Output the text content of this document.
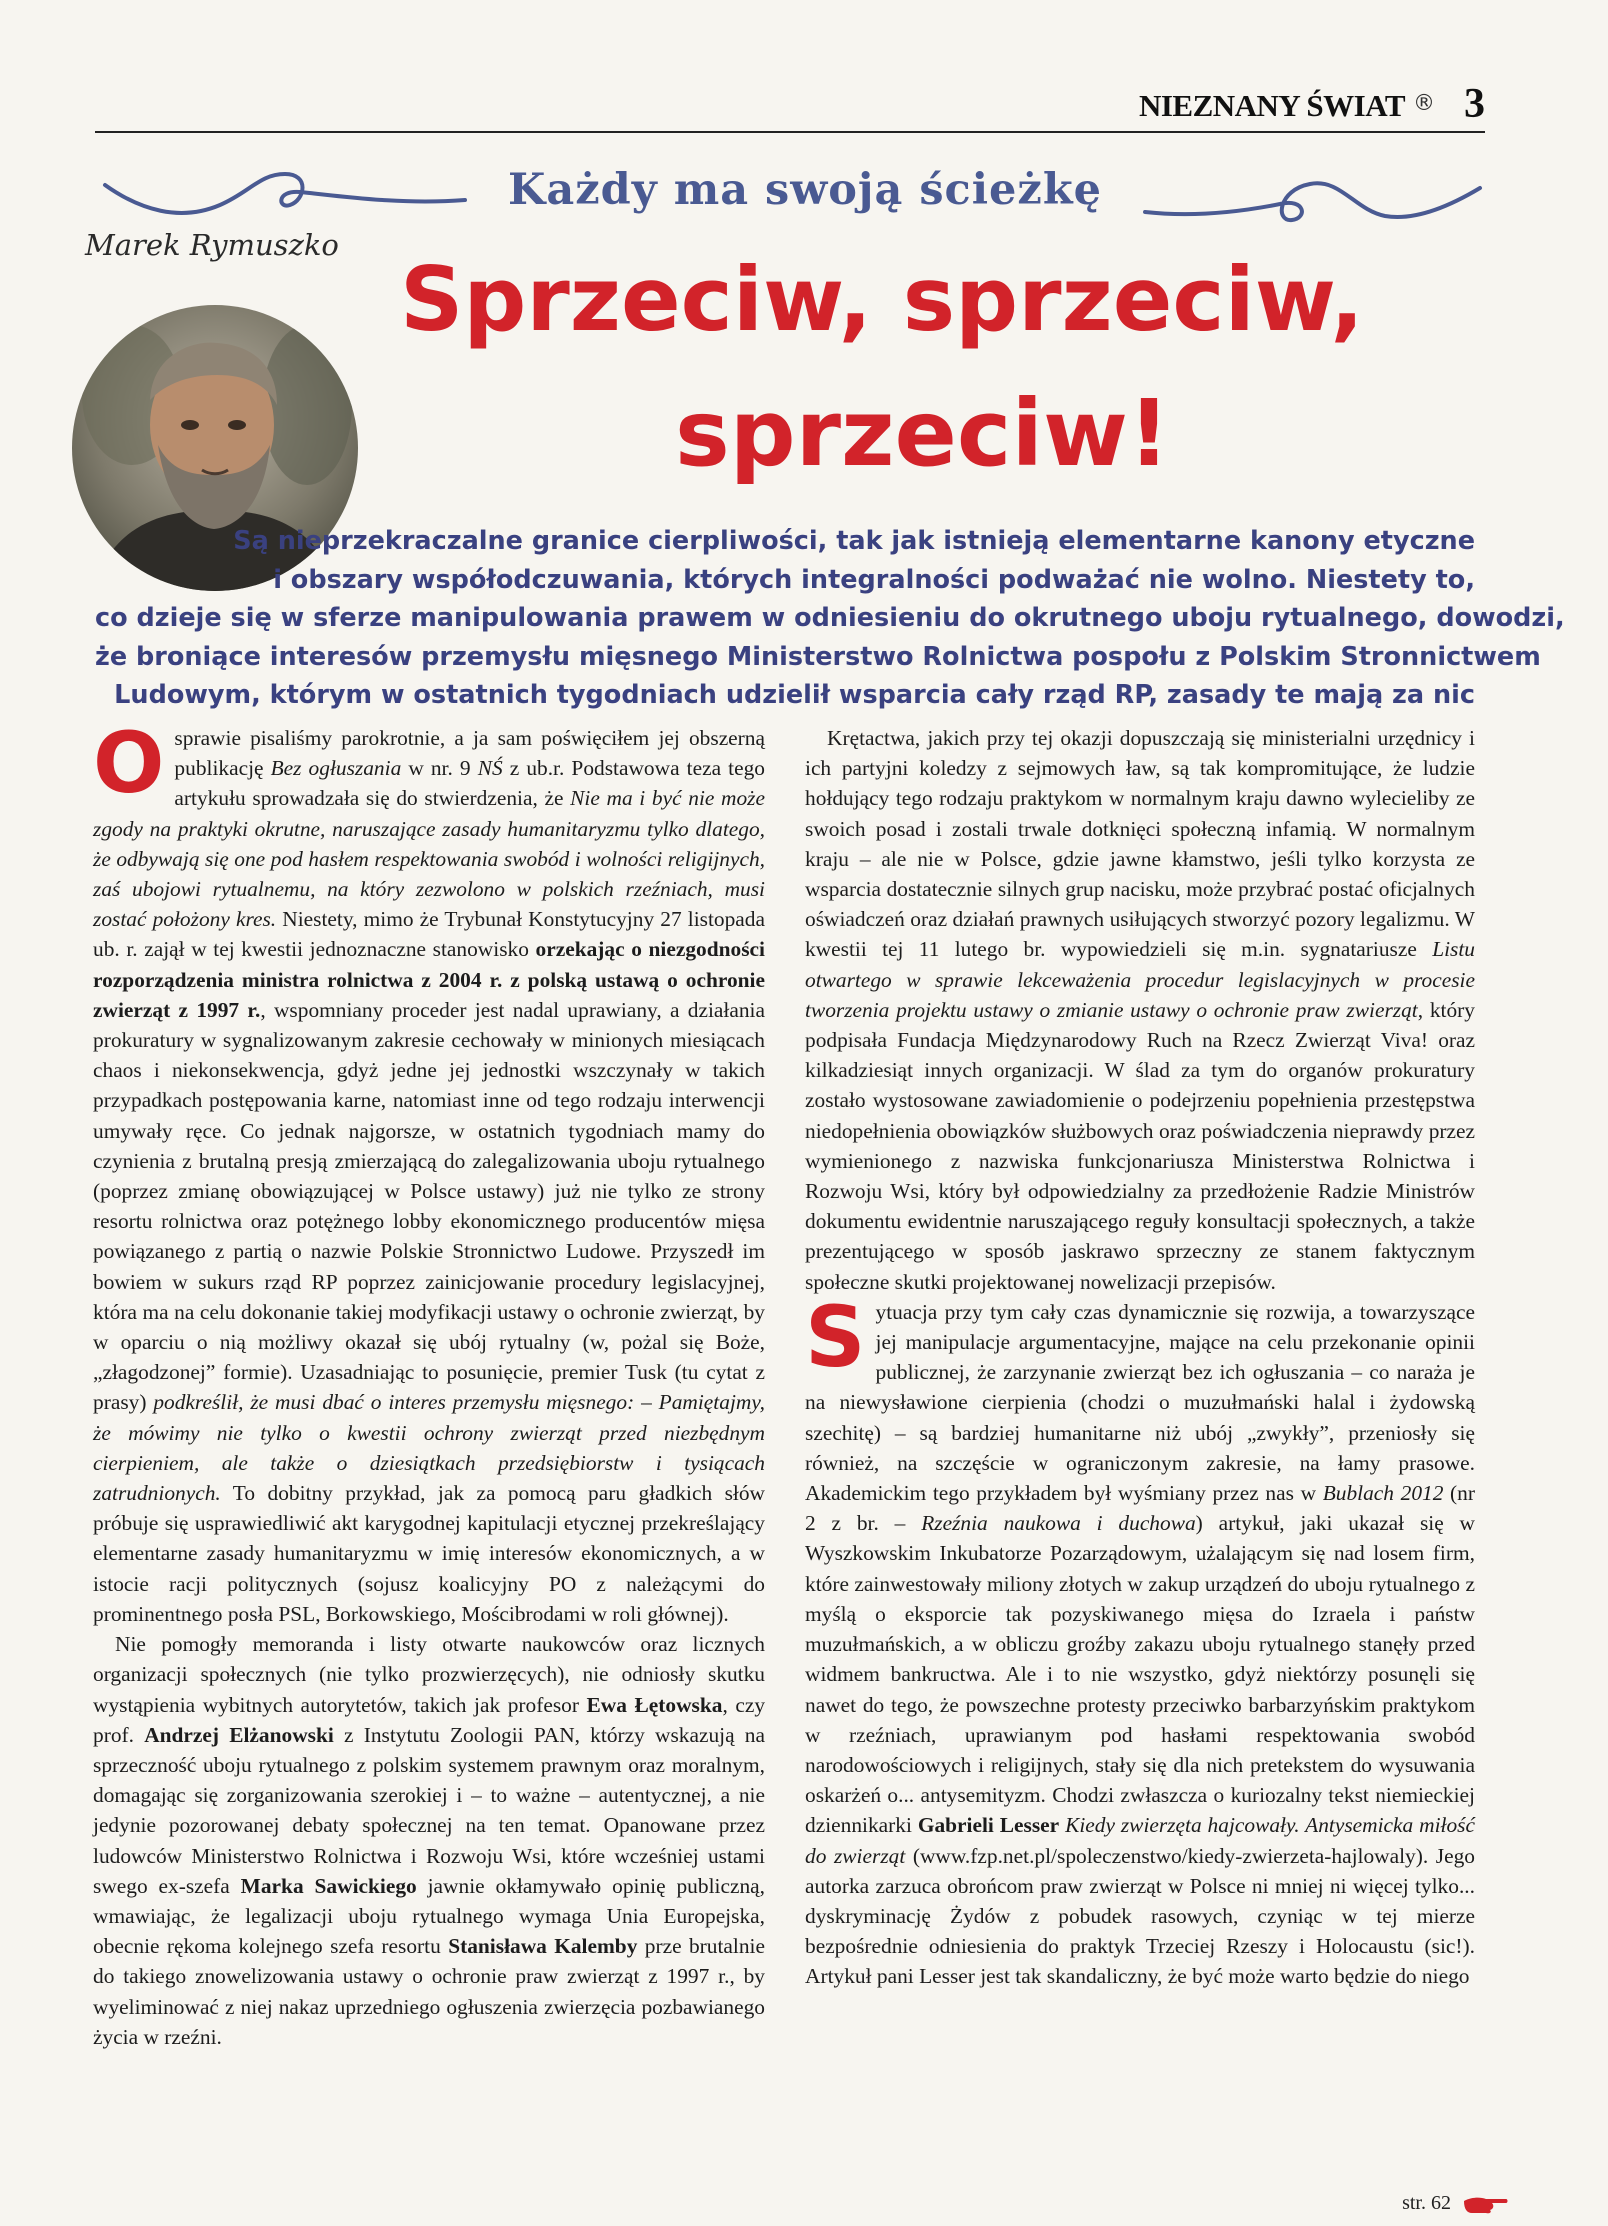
NIEZNANY ŚWIAT ® 3
Każdy ma swoją ścieżkę
Marek Rymuszko
Sprzeciw, sprzeciw,
sprzeciw!
Są nieprzekraczalne granice cierpliwości, tak jak istnieją elementarne kanony etyczne
i obszary współodczuwania, których integralności podważać nie wolno. Niestety to,
co dzieje się w sferze manipulowania prawem w odniesieniu do okrutnego uboju rytualnego, dowodzi,
że broniące interesów przemysłu mięsnego Ministerstwo Rolnictwa pospołu z Polskim Stronnictwem
Ludowym, którym w ostatnich tygodniach udzielił wsparcia cały rząd RP, zasady te mają za nic

Osprawie pisaliśmy parokrotnie, a ja sam poświęciłem jej obszerną publikację Bez ogłuszania w nr. 9 NŚ z ub.r. Podstawowa teza tego artykułu sprowadzała się do stwierdzenia, że Nie ma i być nie może zgody na praktyki okrutne, naruszające zasady humanitaryzmu tylko dlatego, że odbywają się one pod hasłem respektowania swobód i wolności religijnych, zaś ubojowi rytualnemu, na który zezwolono w polskich rzeźniach, musi zostać położony kres. Niestety, mimo że Trybunał Konstytucyjny 27 listopada ub. r. zajął w tej kwestii jednoznaczne stanowisko orzekając o niezgodności rozporządzenia ministra rolnictwa z 2004 r. z polską ustawą o ochronie zwierząt z 1997 r., wspomniany proceder jest nadal uprawiany, a działania prokuratury w sygnalizowanym zakresie cechowały w minionych miesiącach chaos i niekonsekwencja, gdyż jedne jej jednostki wszczynały w takich przypadkach postępowania karne, natomiast inne od tego rodzaju interwencji umywały ręce. Co jednak najgorsze, w ostatnich tygodniach mamy do czynienia z brutalną presją zmierzającą do zalegalizowania uboju rytualnego (poprzez zmianę obowiązującej w Polsce ustawy) już nie tylko ze strony resortu rolnictwa oraz potężnego lobby ekonomicznego producentów mięsa powiązanego z partią o nazwie Polskie Stronnictwo Ludowe. Przyszedł im bowiem w sukurs rząd RP poprzez zainicjowanie procedury legislacyjnej, która ma na celu dokonanie takiej modyfikacji ustawy o ochronie zwierząt, by w oparciu o nią możliwy okazał się ubój rytualny (w, pożal się Boże, „złagodzonej” formie). Uzasadniając to posunięcie, premier Tusk (tu cytat z prasy) podkreślił, że musi dbać o interes przemysłu mięsnego: – Pamiętajmy, że mówimy nie tylko o kwestii ochrony zwierząt przed niezbędnym cierpieniem, ale także o dziesiątkach przedsiębiorstw i tysiącach zatrudnionych. To dobitny przykład, jak za pomocą paru gładkich słów próbuje się usprawiedliwić akt karygodnej kapitulacji etycznej przekreślający elementarne zasady humanitaryzmu w imię interesów ekonomicznych, a w istocie racji politycznych (sojusz koalicyjny PO z należącymi do prominentnego posła PSL, Borkowskiego, Mościbrodami w roli głównej).

Nie pomogły memoranda i listy otwarte naukowców oraz licznych organizacji społecznych (nie tylko prozwierzęcych), nie odniosły skutku wystąpienia wybitnych autorytetów, takich jak profesor Ewa Łętowska, czy prof. Andrzej Elżanowski z Instytutu Zoologii PAN, którzy wskazują na sprzeczność uboju rytualnego z polskim systemem prawnym oraz moralnym, domagając się zorganizowania szerokiej i – to ważne – autentycznej, a nie jedynie pozorowanej debaty społecznej na ten temat. Opanowane przez ludowców Ministerstwo Rolnictwa i Rozwoju Wsi, które wcześniej ustami swego ex-szefa Marka Sawickiego jawnie okłamywało opinię publiczną, wmawiając, że legalizacji uboju rytualnego wymaga Unia Europejska, obecnie rękoma kolejnego szefa resortu Stanisława Kalemby prze brutalnie do takiego znowelizowania ustawy o ochronie praw zwierząt z 1997 r., by wyeliminować z niej nakaz uprzedniego ogłuszenia zwierzęcia pozbawianego życia w rzeźni.

Krętactwa, jakich przy tej okazji dopuszczają się ministerialni urzędnicy i ich partyjni koledzy z sejmowych ław, są tak kompromitujące, że ludzie hołdujący tego rodzaju praktykom w normalnym kraju dawno wylecieliby ze swoich posad i zostali trwale dotknięci społeczną infamią. W normalnym kraju – ale nie w Polsce, gdzie jawne kłamstwo, jeśli tylko korzysta ze wsparcia dostatecznie silnych grup nacisku, może przybrać postać oficjalnych oświadczeń oraz działań prawnych usiłujących stworzyć pozory legalizmu. W kwestii tej 11 lutego br. wypowiedzieli się m.in. sygnatariusze Listu otwartego w sprawie lekceważenia procedur legislacyjnych w procesie tworzenia projektu ustawy o zmianie ustawy o ochronie praw zwierząt, który podpisała Fundacja Międzynarodowy Ruch na Rzecz Zwierząt Viva! oraz kilkadziesiąt innych organizacji. W ślad za tym do organów prokuratury zostało wystosowane zawiadomienie o podejrzeniu popełnienia przestępstwa niedopełnienia obowiązków służbowych oraz poświadczenia nieprawdy przez wymienionego z nazwiska funkcjonariusza Ministerstwa Rolnictwa i Rozwoju Wsi, który był odpowiedzialny za przedłożenie Radzie Ministrów dokumentu ewidentnie naruszającego reguły konsultacji społecznych, a także prezentującego w sposób jaskrawo sprzeczny ze stanem faktycznym społeczne skutki projektowanej nowelizacji przepisów.

Sytuacja przy tym cały czas dynamicznie się rozwija, a towarzyszące jej manipulacje argumentacyjne, mające na celu przekonanie opinii publicznej, że zarzynanie zwierząt bez ich ogłuszania – co naraża je na niewysławione cierpienia (chodzi o muzułmański halal i żydowską szechitę) – są bardziej humanitarne niż ubój „zwykły”, przeniosły się również, na szczęście w ograniczonym zakresie, na łamy prasowe. Akademickim tego przykładem był wyśmiany przez nas w Bublach 2012 (nr 2 z br. – Rzeźnia naukowa i duchowa) artykuł, jaki ukazał się w Wyszkowskim Inkubatorze Pozarządowym, użalającym się nad losem firm, które zainwestowały miliony złotych w zakup urządzeń do uboju rytualnego z myślą o eksporcie tak pozyskiwanego mięsa do Izraela i państw muzułmańskich, a w obliczu groźby zakazu uboju rytualnego stanęły przed widmem bankructwa. Ale i to nie wszystko, gdyż niektórzy posunęli się nawet do tego, że powszechne protesty przeciwko barbarzyńskim praktykom w rzeźniach, uprawianym pod hasłami respektowania swobód narodowościowych i religijnych, stały się dla nich pretekstem do wysuwania oskarżeń o... antysemityzm. Chodzi zwłaszcza o kuriozalny tekst niemieckiej dziennikarki Gabrieli Lesser Kiedy zwierzęta hajcowały. Antysemicka miłość do zwierząt (www.fzp.net.pl/spoleczenstwo/kiedy-zwierzeta-hajlowaly). Jego autorka zarzuca obrońcom praw zwierząt w Polsce ni mniej ni więcej tylko... dyskryminację Żydów z pobudek rasowych, czyniąc w tej mierze bezpośrednie odniesienia do praktyk Trzeciej Rzeszy i Holocaustu (sic!). Artykuł pani Lesser jest tak skandaliczny, że być może warto będzie do niego

str. 62
